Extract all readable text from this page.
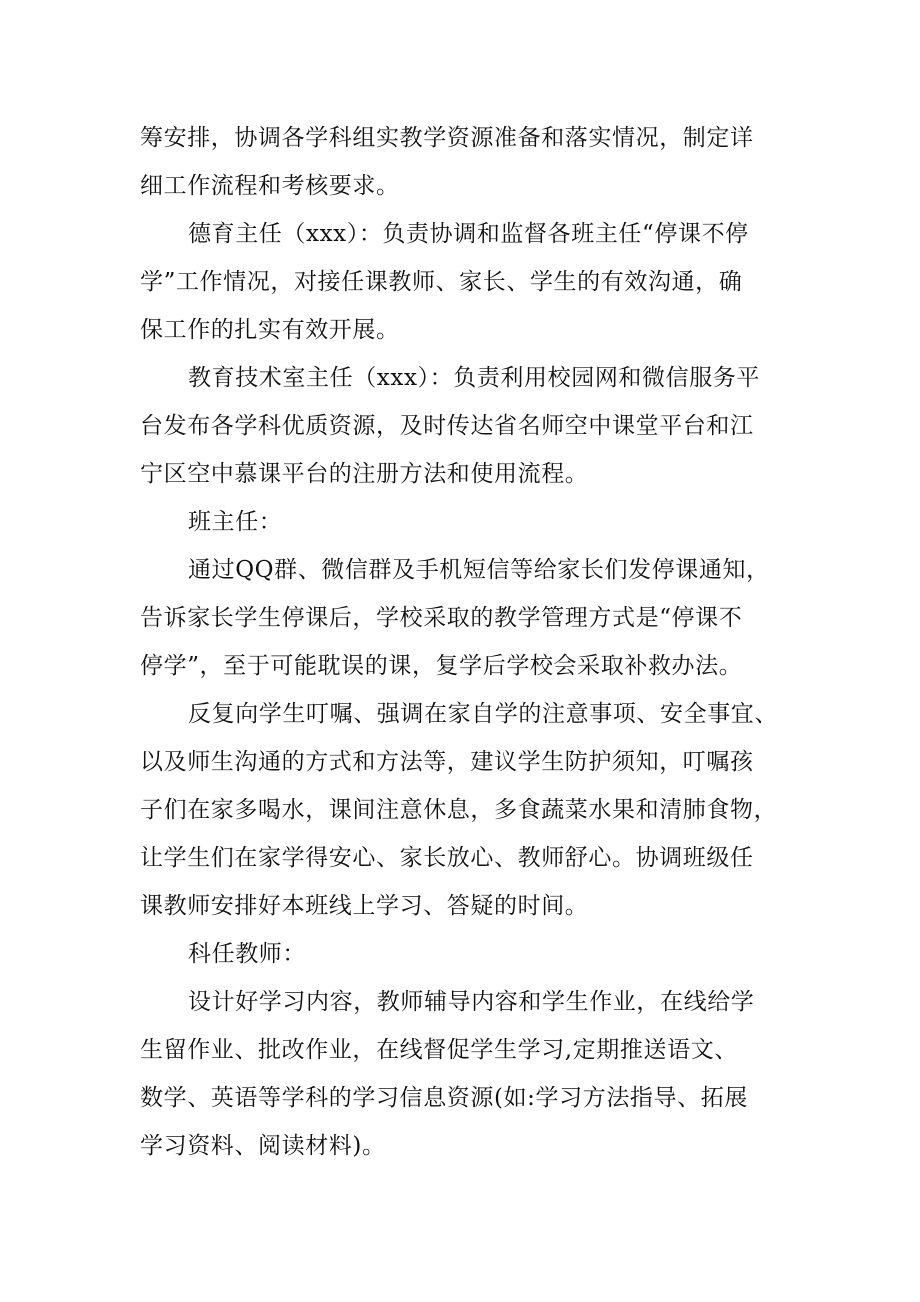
筹安排，协调各学科组实教学资源准备和落实情况，制定详
细工作流程和考核要求。
德育主任（xxx）：负责协调和监督各班主任“停课不停
学”工作情况，对接任课教师、家长、学生的有效沟通，确
保工作的扎实有效开展。
教育技术室主任（xxx）：负责利用校园网和微信服务平
台发布各学科优质资源，及时传达省名师空中课堂平台和江
宁区空中慕课平台的注册方法和使用流程。
班主任：
通过QQ群、微信群及手机短信等给家长们发停课通知，
告诉家长学生停课后，学校采取的教学管理方式是“停课不
停学”，至于可能耽误的课，复学后学校会采取补救办法。
反复向学生叮嘱、强调在家自学的注意事项、安全事宜、
以及师生沟通的方式和方法等，建议学生防护须知，叮嘱孩
子们在家多喝水，课间注意休息，多食蔬菜水果和清肺食物，
让学生们在家学得安心、家长放心、教师舒心。协调班级任
课教师安排好本班线上学习、答疑的时间。
科任教师：
设计好学习内容，教师辅导内容和学生作业，在线给学
生留作业、批改作业，在线督促学生学习,定期推送语文、
数学、英语等学科的学习信息资源(如:学习方法指导、拓展
学习资料、阅读材料)。
